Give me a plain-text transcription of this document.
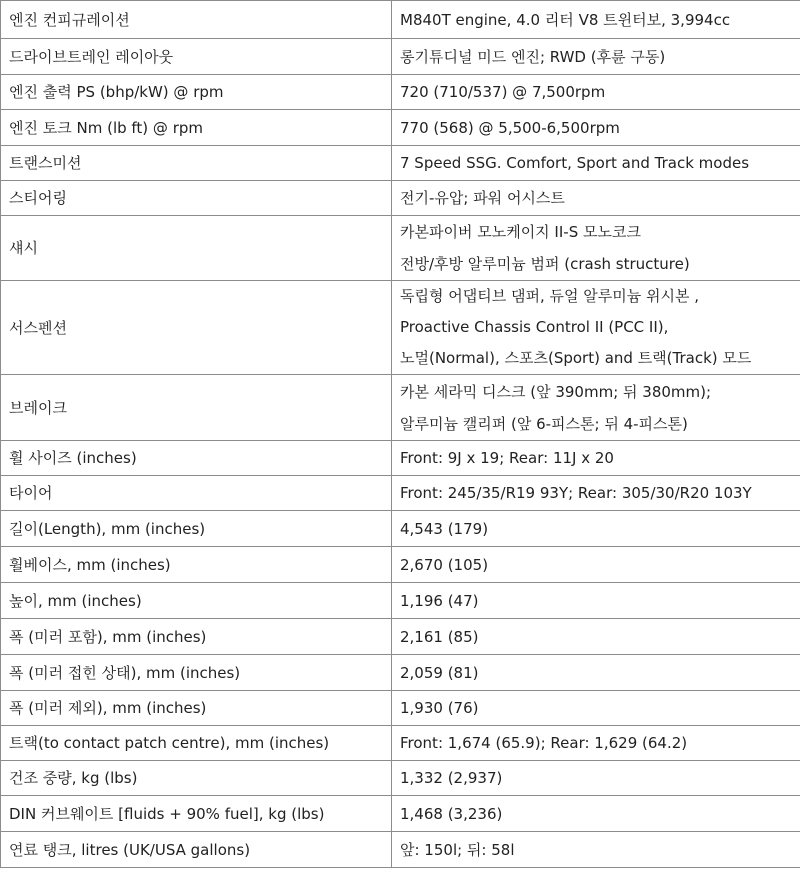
엔진 컨피규레이션	M840T engine, 4.0 리터 V8 트윈터보, 3,994cc

드라이브트레인 레이아웃	롱기튜디널 미드 엔진; RWD (후륜 구동)

엔진 출력 PS (bhp/kW) @ rpm	720 (710/537) @ 7,500rpm

엔진 토크 Nm (lb ft) @ rpm	770 (568) @ 5,500-6,500rpm

트랜스미션	7 Speed SSG. Comfort, Sport and Track modes

스티어링	전기-유압; 파워 어시스트

섀시	카본파이버 모노케이지 II-S 모노코크
전방/후방 알루미늄 범퍼 (crash structure)

서스펜션	독립형 어댑티브 댐퍼, 듀얼 알루미늄 위시본 ,
Proactive Chassis Control II (PCC II),
노멀(Normal), 스포츠(Sport) and 트랙(Track) 모드

브레이크	카본 세라믹 디스크 (앞 390mm; 뒤 380mm);
알루미늄 캘리퍼 (앞 6-피스톤; 뒤 4-피스톤)

휠 사이즈 (inches)	Front: 9J x 19; Rear: 11J x 20

타이어	Front: 245/35/R19 93Y; Rear: 305/30/R20 103Y

길이(Length), mm (inches)	4,543 (179)

휠베이스, mm (inches)	2,670 (105)

높이, mm (inches)	1,196 (47)

폭 (미러 포함), mm (inches)	2,161 (85)

폭 (미러 접힌 상태), mm (inches)	2,059 (81)

폭 (미러 제외), mm (inches)	1,930 (76)

트랙(to contact patch centre), mm (inches)	Front: 1,674 (65.9); Rear: 1,629 (64.2)

건조 중량, kg (lbs)	1,332 (2,937)

DIN 커브웨이트 [fluids + 90% fuel], kg (lbs)	1,468 (3,236)

연료 탱크, litres (UK/USA gallons)	앞: 150l; 뒤: 58l
